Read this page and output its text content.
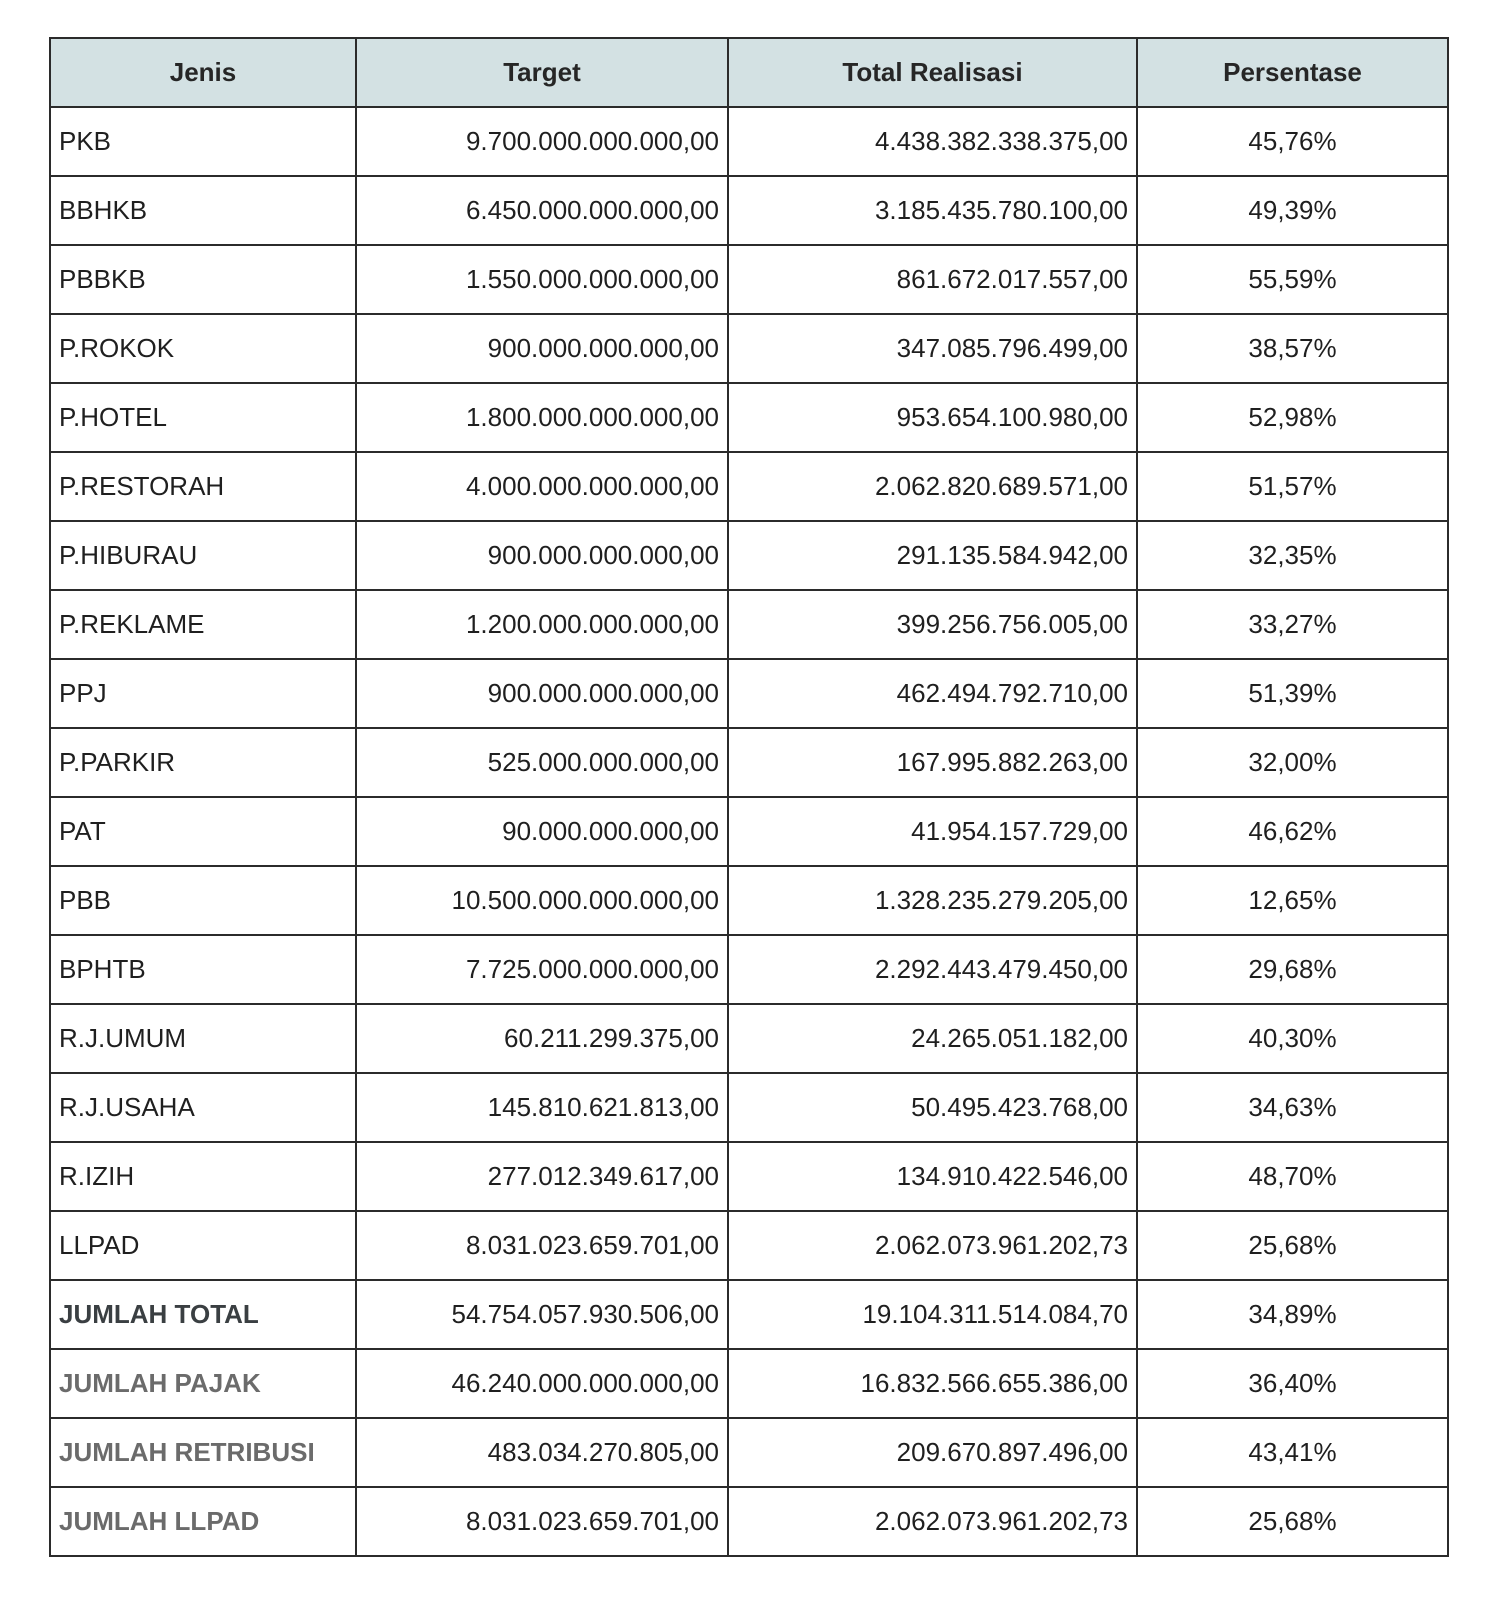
Jenis	Target	Total Realisasi	Persentase
PKB	9.700.000.000.000,00	4.438.382.338.375,00	45,76%
BBHKB	6.450.000.000.000,00	3.185.435.780.100,00	49,39%
PBBKB	1.550.000.000.000,00	861.672.017.557,00	55,59%
P.ROKOK	900.000.000.000,00	347.085.796.499,00	38,57%
P.HOTEL	1.800.000.000.000,00	953.654.100.980,00	52,98%
P.RESTORAH	4.000.000.000.000,00	2.062.820.689.571,00	51,57%
P.HIBURAU	900.000.000.000,00	291.135.584.942,00	32,35%
P.REKLAME	1.200.000.000.000,00	399.256.756.005,00	33,27%
PPJ	900.000.000.000,00	462.494.792.710,00	51,39%
P.PARKIR	525.000.000.000,00	167.995.882.263,00	32,00%
PAT	90.000.000.000,00	41.954.157.729,00	46,62%
PBB	10.500.000.000.000,00	1.328.235.279.205,00	12,65%
BPHTB	7.725.000.000.000,00	2.292.443.479.450,00	29,68%
R.J.UMUM	60.211.299.375,00	24.265.051.182,00	40,30%
R.J.USAHA	145.810.621.813,00	50.495.423.768,00	34,63%
R.IZIH	277.012.349.617,00	134.910.422.546,00	48,70%
LLPAD	8.031.023.659.701,00	2.062.073.961.202,73	25,68%
JUMLAH TOTAL	54.754.057.930.506,00	19.104.311.514.084,70	34,89%
JUMLAH PAJAK	46.240.000.000.000,00	16.832.566.655.386,00	36,40%
JUMLAH RETRIBUSI	483.034.270.805,00	209.670.897.496,00	43,41%
JUMLAH LLPAD	8.031.023.659.701,00	2.062.073.961.202,73	25,68%
